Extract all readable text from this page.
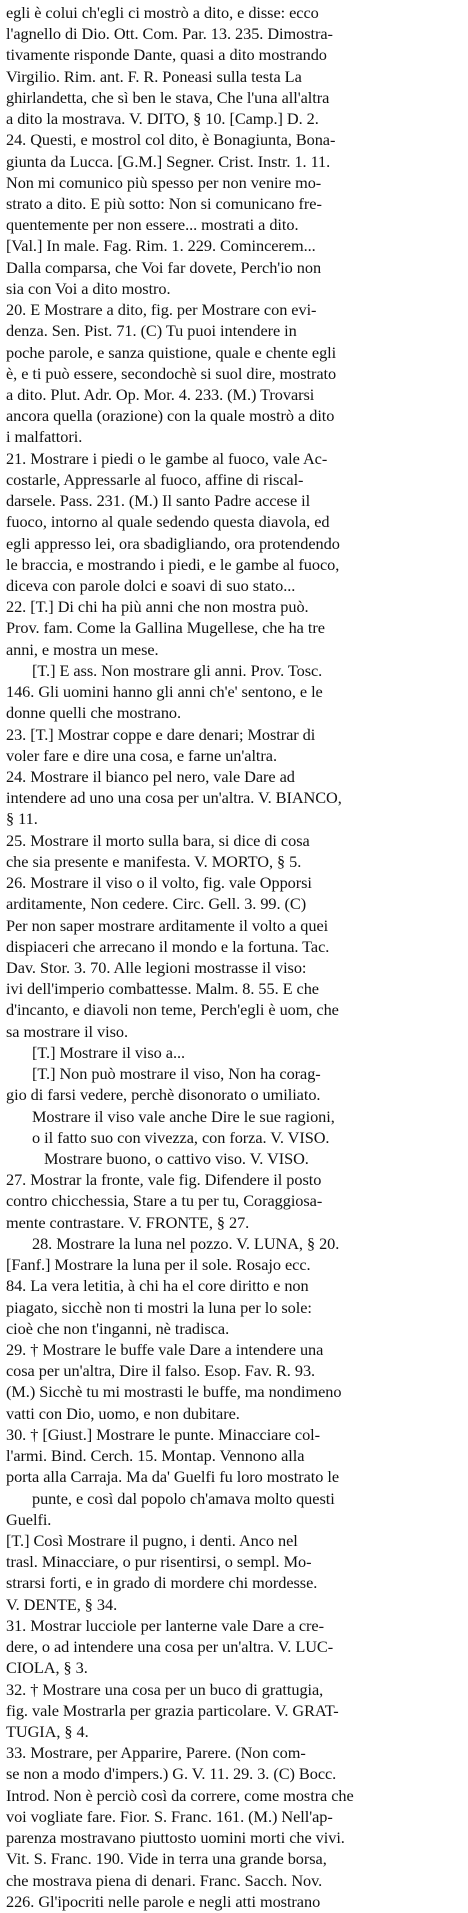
egli è colui ch'egli ci mostrò a dito, e disse: ecco
l'agnello di Dio. Ott. Com. Par. 13. 235. Dimostra-
tivamente risponde Dante, quasi a dito mostrando
Virgilio. Rim. ant. F. R. Poneasi sulla testa La
ghirlandetta, che sì ben le stava, Che l'una all'altra
a dito la mostrava. V. DITO, § 10. [Camp.] D. 2.
24. Questi, e mostrol col dito, è Bonagiunta, Bona-
giunta da Lucca. [G.M.] Segner. Crist. Instr. 1. 11.
Non mi comunico più spesso per non venire mo-
strato a dito. E più sotto: Non si comunicano fre-
quentemente per non essere... mostrati a dito.
[Val.] In male. Fag. Rim. 1. 229. Comincerem...
Dalla comparsa, che Voi far dovete, Perch'io non
sia con Voi a dito mostro.
20. E Mostrare a dito, fig. per Mostrare con evi-
denza. Sen. Pist. 71. (C) Tu puoi intendere in
poche parole, e sanza quistione, quale e chente egli
è, e ti può essere, secondochè si suol dire, mostrato
a dito. Plut. Adr. Op. Mor. 4. 233. (M.) Trovarsi
ancora quella (orazione) con la quale mostrò a dito
i malfattori.
21. Mostrare i piedi o le gambe al fuoco, vale Ac-
costarle, Appressarle al fuoco, affine di riscal-
darsele. Pass. 231. (M.) Il santo Padre accese il
fuoco, intorno al quale sedendo questa diavola, ed
egli appresso lei, ora sbadigliando, ora protendendo
le braccia, e mostrando i piedi, e le gambe al fuoco,
diceva con parole dolci e soavi di suo stato...
22. [T.] Di chi ha più anni che non mostra può.
Prov. fam. Come la Gallina Mugellese, che ha tre
anni, e mostra un mese.
[T.] E ass. Non mostrare gli anni. Prov. Tosc.
146. Gli uomini hanno gli anni ch'e' sentono, e le
donne quelli che mostrano.
23. [T.] Mostrar coppe e dare denari; Mostrar di
voler fare e dire una cosa, e farne un'altra.
24. Mostrare il bianco pel nero, vale Dare ad
intendere ad uno una cosa per un'altra. V. BIANCO,
§ 11.
25. Mostrare il morto sulla bara, si dice di cosa
che sia presente e manifesta. V. MORTO, § 5.
26. Mostrare il viso o il volto, fig. vale Opporsi
arditamente, Non cedere. Circ. Gell. 3. 99. (C)
Per non saper mostrare arditamente il volto a quei
dispiaceri che arrecano il mondo e la fortuna. Tac.
Dav. Stor. 3. 70. Alle legioni mostrasse il viso:
ivi dell'imperio combattesse. Malm. 8. 55. E che
d'incanto, e diavoli non teme, Perch'egli è uom, che
sa mostrare il viso.
[T.] Mostrare il viso a...
[T.] Non può mostrare il viso, Non ha corag-
gio di farsi vedere, perchè disonorato o umiliato.
Mostrare il viso vale anche Dire le sue ragioni,
o il fatto suo con vivezza, con forza. V. VISO.
Mostrare buono, o cattivo viso. V. VISO.
27. Mostrar la fronte, vale fig. Difendere il posto
contro chicchessia, Stare a tu per tu, Coraggiosa-
mente contrastare. V. FRONTE, § 27.
28. Mostrare la luna nel pozzo. V. LUNA, § 20.
[Fanf.] Mostrare la luna per il sole. Rosajo ecc.
84. La vera letitia, à chi ha el core diritto e non
piagato, sicchè non ti mostri la luna per lo sole:
cioè che non t'inganni, nè tradisca.
29. † Mostrare le buffe vale Dare a intendere una
cosa per un'altra, Dire il falso. Esop. Fav. R. 93.
(M.) Sicchè tu mi mostrasti le buffe, ma nondimeno
vatti con Dio, uomo, e non dubitare.
30. † [Giust.] Mostrare le punte. Minacciare col-
l'armi. Bind. Cerch. 15. Montap. Vennono alla
porta alla Carraja. Ma da' Guelfi fu loro mostrato le
punte, e così dal popolo ch'amava molto questi
Guelfi.
[T.] Così Mostrare il pugno, i denti. Anco nel
trasl. Minacciare, o pur risentirsi, o sempl. Mo-
strarsi forti, e in grado di mordere chi mordesse.
V. DENTE, § 34.
31. Mostrar lucciole per lanterne vale Dare a cre-
dere, o ad intendere una cosa per un'altra. V. LUC-
CIOLA, § 3.
32. † Mostrare una cosa per un buco di grattugia,
fig. vale Mostrarla per grazia particolare. V. GRAT-
TUGIA, § 4.
33. Mostrare, per Apparire, Parere. (Non com-
se non a modo d'impers.) G. V. 11. 29. 3. (C) Bocc.
Introd. Non è perciò così da correre, come mostra che
voi vogliate fare. Fior. S. Franc. 161. (M.) Nell'ap-
parenza mostravano piuttosto uomini morti che vivi.
Vit. S. Franc. 190. Vide in terra una grande borsa,
che mostrava piena di denari. Franc. Sacch. Nov.
226. Gl'ipocriti nelle parole e negli atti mostrano
